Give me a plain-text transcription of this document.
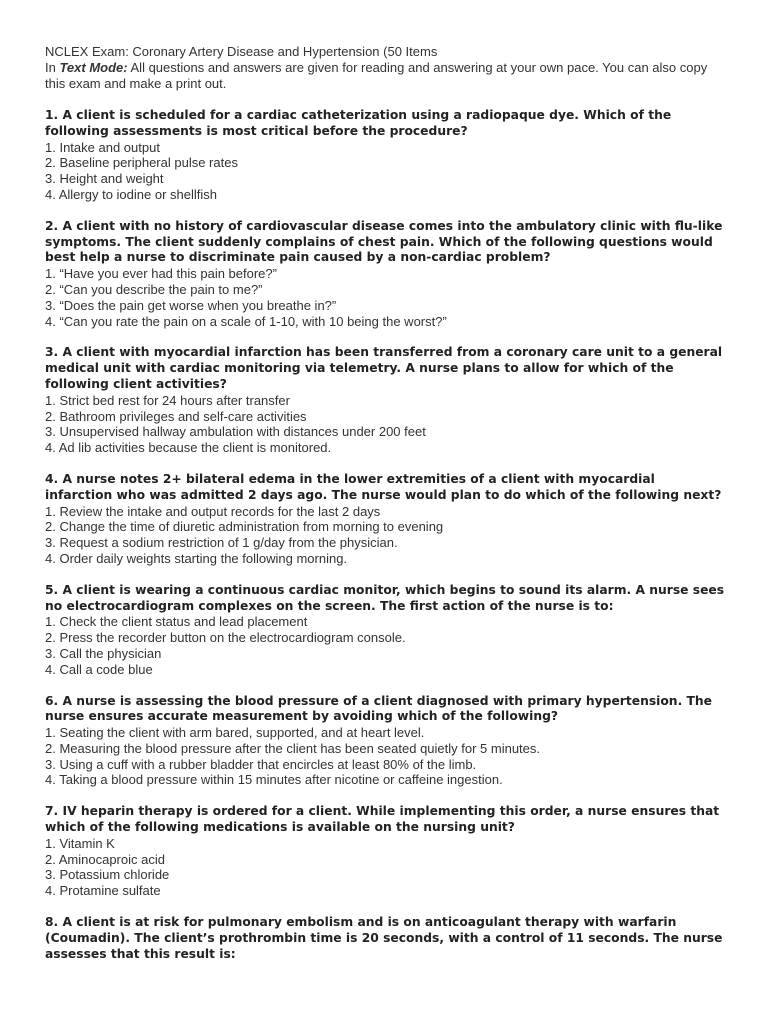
NCLEX Exam: Coronary Artery Disease and Hypertension (50 Items
In Text Mode: All questions and answers are given for reading and answering at your own pace. You can also copy this exam and make a print out.
1. A client is scheduled for a cardiac catheterization using a radiopaque dye. Which of the following assessments is most critical before the procedure?
1. Intake and output
2. Baseline peripheral pulse rates
3. Height and weight
4. Allergy to iodine or shellfish
2. A client with no history of cardiovascular disease comes into the ambulatory clinic with flu-like symptoms. The client suddenly complains of chest pain. Which of the following questions would best help a nurse to discriminate pain caused by a non-cardiac problem?
1. “Have you ever had this pain before?”
2. “Can you describe the pain to me?”
3. “Does the pain get worse when you breathe in?”
4. “Can you rate the pain on a scale of 1-10, with 10 being the worst?”
3. A client with myocardial infarction has been transferred from a coronary care unit to a general medical unit with cardiac monitoring via telemetry. A nurse plans to allow for which of the following client activities?
1. Strict bed rest for 24 hours after transfer
2. Bathroom privileges and self-care activities
3. Unsupervised hallway ambulation with distances under 200 feet
4. Ad lib activities because the client is monitored.
4. A nurse notes 2+ bilateral edema in the lower extremities of a client with myocardial infarction who was admitted 2 days ago. The nurse would plan to do which of the following next?
1. Review the intake and output records for the last 2 days
2. Change the time of diuretic administration from morning to evening
3. Request a sodium restriction of 1 g/day from the physician.
4. Order daily weights starting the following morning.
5. A client is wearing a continuous cardiac monitor, which begins to sound its alarm. A nurse sees no electrocardiogram complexes on the screen. The first action of the nurse is to:
1. Check the client status and lead placement
2. Press the recorder button on the electrocardiogram console.
3. Call the physician
4. Call a code blue
6. A nurse is assessing the blood pressure of a client diagnosed with primary hypertension. The nurse ensures accurate measurement by avoiding which of the following?
1. Seating the client with arm bared, supported, and at heart level.
2. Measuring the blood pressure after the client has been seated quietly for 5 minutes.
3. Using a cuff with a rubber bladder that encircles at least 80% of the limb.
4. Taking a blood pressure within 15 minutes after nicotine or caffeine ingestion.
7. IV heparin therapy is ordered for a client. While implementing this order, a nurse ensures that which of the following medications is available on the nursing unit?
1. Vitamin K
2. Aminocaproic acid
3. Potassium chloride
4. Protamine sulfate
8. A client is at risk for pulmonary embolism and is on anticoagulant therapy with warfarin (Coumadin). The client’s prothrombin time is 20 seconds, with a control of 11 seconds. The nurse assesses that this result is:
